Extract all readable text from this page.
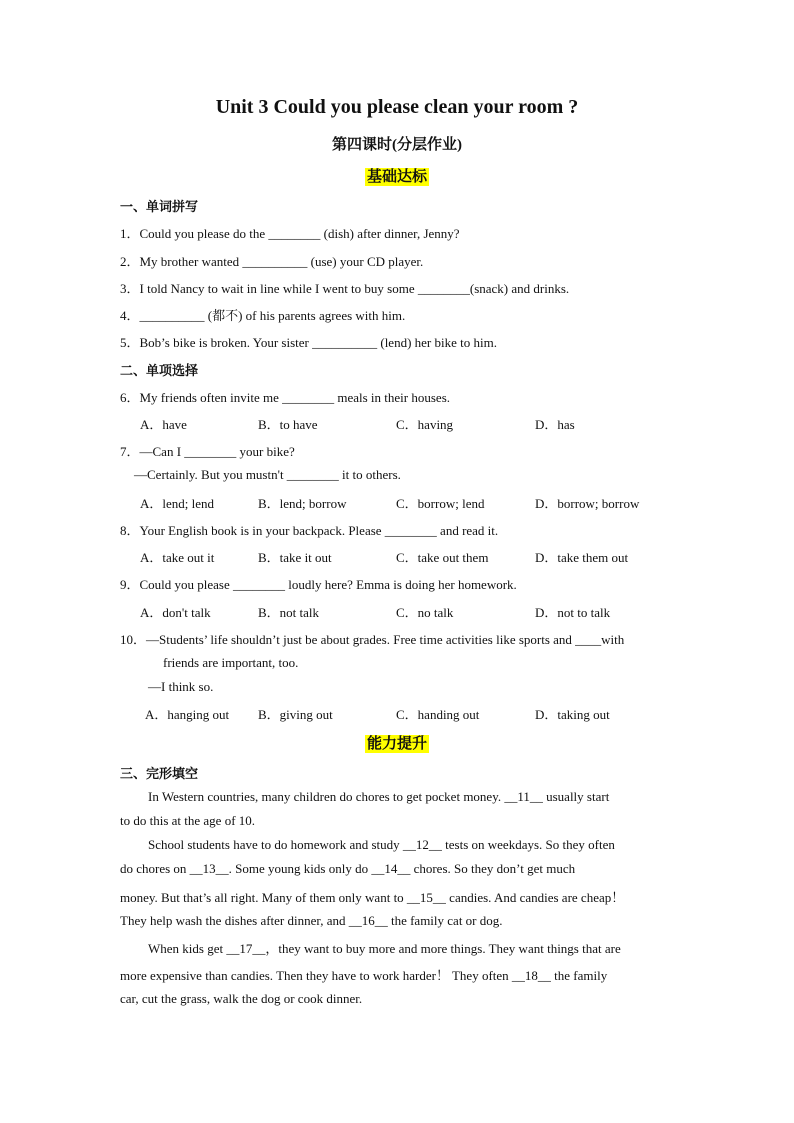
Unit 3 Could you please clean your room ?
第四课时(分层作业)
基础达标
一、单词拼写
1．Could you please do the ________ (dish) after dinner, Jenny?
2．My brother wanted __________ (use) your CD player.
3．I told Nancy to wait in line while I went to buy some ________(snack) and drinks.
4．__________ (都不) of his parents agrees with him.
5．Bob’s bike is broken. Your sister __________ (lend) her bike to him.
二、单项选择
6．My friends often invite me ________ meals in their houses.
A．have	B．to have	C．having	D．has
7．—Can I ________ your bike?
—Certainly. But you mustn't ________ it to others.
A．lend; lend	B．lend; borrow	C．borrow; lend	D．borrow; borrow
8．Your English book is in your backpack. Please ________ and read it.
A．take out it	B．take it out	C．take out them	D．take them out
9．Could you please ________ loudly here? Emma is doing her homework.
A．don't talk	B．not talk	C．no talk	D．not to talk
10．—Students’ life shouldn’t just be about grades. Free time activities like sports and ____with
friends are important, too.
—I think so.
A．hanging out B．giving out	C．handing out	D．taking out
能力提升
三、完形填空
In Western countries, many children do chores to get pocket money. __11__ usually start
to do this at the age of 10.
School students have to do homework and study __12__ tests on weekdays. So they often
do chores on __13__. Some young kids only do __14__ chores. So they don’t get much
money. But that’s all right. Many of them only want to __15__ candies. And candies are cheap！
They help wash the dishes after dinner, and __16__ the family cat or dog.
When kids get __17__，they want to buy more and more things. They want things that are
more expensive than candies. Then they have to work harder！ They often __18__ the family
car, cut the grass, walk the dog or cook dinner.
